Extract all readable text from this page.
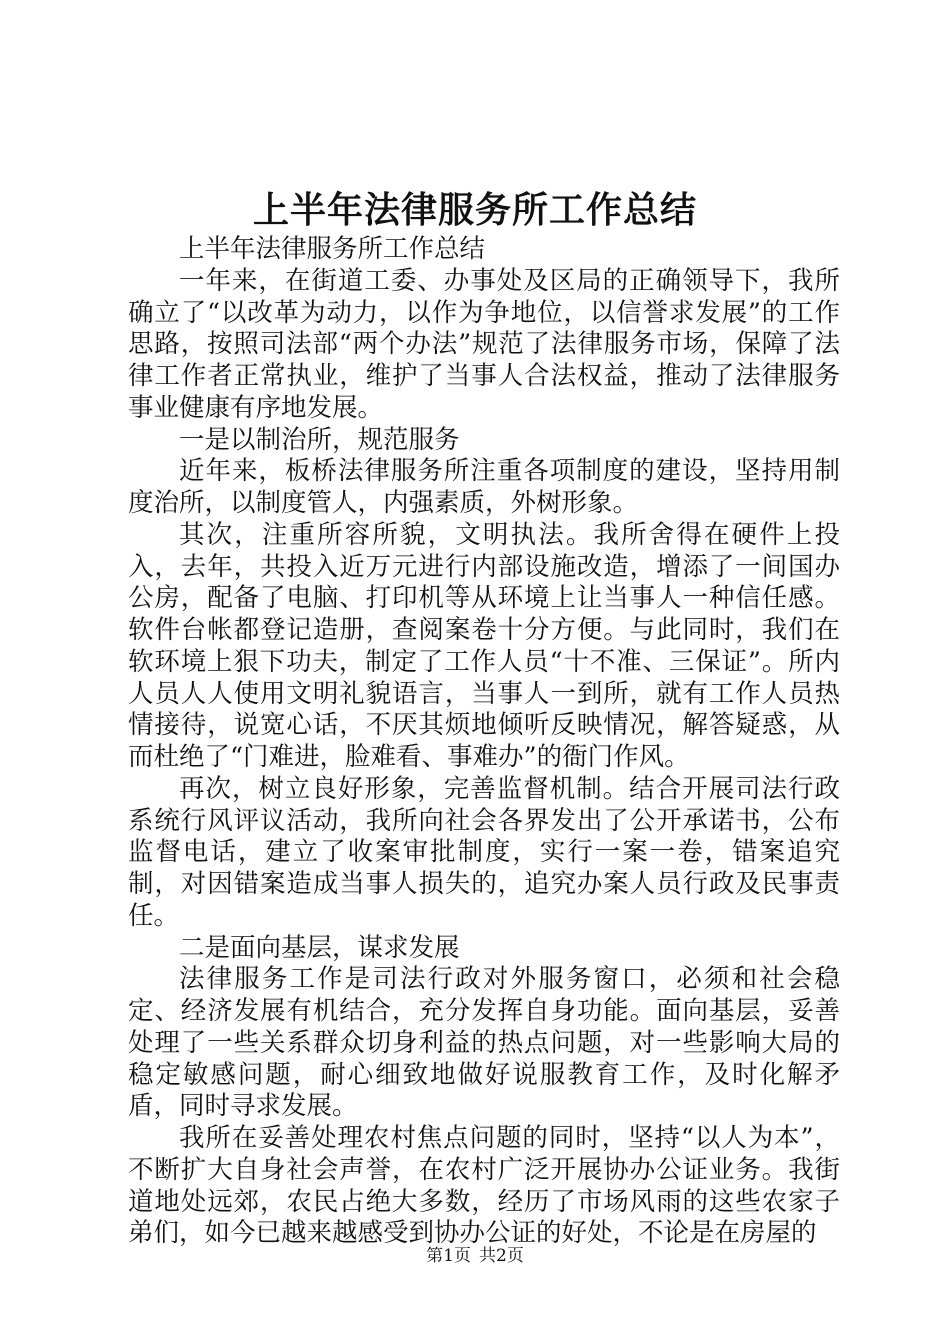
上半年法律服务所工作总结

上半年法律服务所工作总结

一年来，在街道工委、办事处及区局的正确领导下，我所确立了“以改革为动力，以作为争地位，以信誉求发展”的工作思路，按照司法部“两个办法”规范了法律服务市场，保障了法律工作者正常执业，维护了当事人合法权益，推动了法律服务事业健康有序地发展。

一是以制治所，规范服务

近年来，板桥法律服务所注重各项制度的建设，坚持用制度治所，以制度管人，内强素质，外树形象。

其次，注重所容所貌，文明执法。我所舍得在硬件上投入，去年，共投入近万元进行内部设施改造，增添了一间国办公房，配备了电脑、打印机等从环境上让当事人一种信任感。软件台帐都登记造册，查阅案卷十分方便。与此同时，我们在软环境上狠下功夫，制定了工作人员“十不准、三保证”。所内人员人人使用文明礼貌语言，当事人一到所，就有工作人员热情接待，说宽心话，不厌其烦地倾听反映情况，解答疑惑，从而杜绝了“门难进，脸难看、事难办”的衙门作风。

再次，树立良好形象，完善监督机制。结合开展司法行政系统行风评议活动，我所向社会各界发出了公开承诺书，公布监督电话，建立了收案审批制度，实行一案一卷，错案追究制，对因错案造成当事人损失的，追究办案人员行政及民事责任。

二是面向基层，谋求发展

法律服务工作是司法行政对外服务窗口，必须和社会稳定、经济发展有机结合，充分发挥自身功能。面向基层，妥善处理了一些关系群众切身利益的热点问题，对一些影响大局的稳定敏感问题，耐心细致地做好说服教育工作，及时化解矛盾，同时寻求发展。

我所在妥善处理农村焦点问题的同时，坚持“以人为本”，不断扩大自身社会声誉，在农村广泛开展协办公证业务。我街道地处远郊，农民占绝大多数，经历了市场风雨的这些农家子弟们，如今已越来越感受到协办公证的好处，不论是在房屋的

第1页 共2页
